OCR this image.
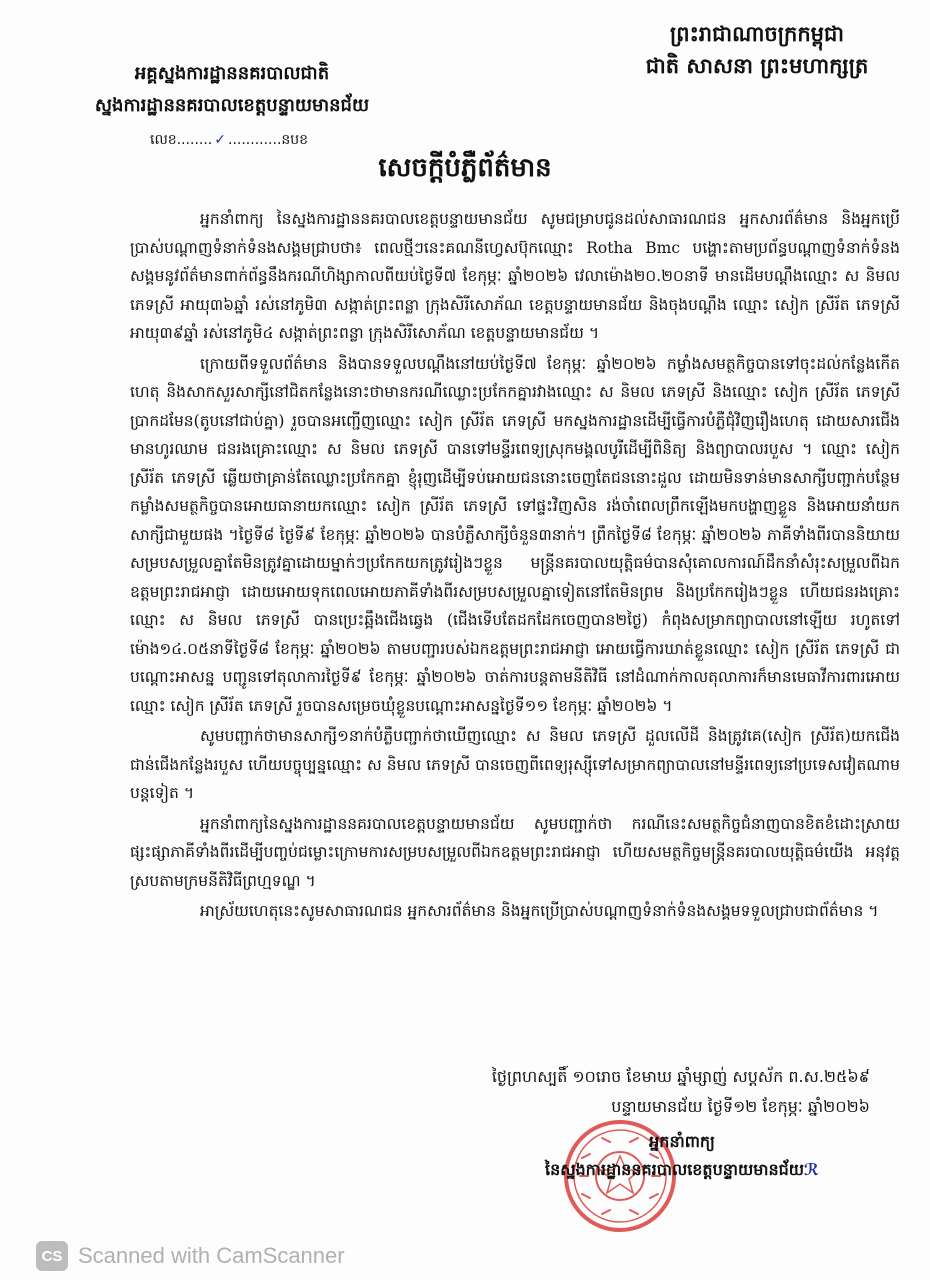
ព្រះរាជាណាចក្រកម្ពុជា
ជាតិ សាសនា ព្រះមហាក្សត្រ
អគ្គស្នងការដ្ឋាននគរបាលជាតិ
ស្នងការដ្ឋាននគរបាលខេត្តបន្ទាយមានជ័យ
លេខ........ ✓ ............នបខ
សេចក្តីបំភ្លឺព័ត៌មាន

អ្នកនាំពាក្យ នៃស្នងការដ្ឋាននគរបាលខេត្តបន្ទាយមានជ័យ សូមជម្រាបជូនដល់សាធារណជន អ្នកសារព័ត៌មាន និងអ្នកប្រើប្រាស់បណ្តាញទំនាក់ទំនងសង្គមជ្រាបថា៖ ពេលថ្មីៗនេះគណនីហ្វេសប៊ុកឈ្មោះ Rotha Bmc បង្ហោះតាមប្រព័ន្ធបណ្តាញទំនាក់ទំនងសង្គមនូវព័ត៌មានពាក់ព័ន្ធនឹងករណីហិង្សាកាលពីយប់ថ្ងៃទី៧ ខែកុម្ភៈ ឆ្នាំ២០២៦ វេលាម៉ោង២០.២០នាទី មានដើមបណ្តឹងឈ្មោះ ស និមល ភេទស្រី អាយុ៣៦ឆ្នាំ រស់នៅភូមិ៣ សង្កាត់ព្រះពន្លា ក្រុងសិរីសោភ័ណ ខេត្តបន្ទាយមានជ័យ និងចុងបណ្តឹង ឈ្មោះ សៀក ស្រីរ័ត ភេទស្រី អាយុ៣៩ឆ្នាំ រស់នៅភូមិ៤ សង្កាត់ព្រះពន្លា ក្រុងសិរីសោភ័ណ ខេត្តបន្ទាយមានជ័យ ។

ក្រោយពីទទួលព័ត៌មាន និងបានទទួលបណ្តឹងនៅយប់ថ្ងៃទី៧ ខែកុម្ភៈ ឆ្នាំ២០២៦ កម្លាំងសមត្ថកិច្ចបានទៅចុះដល់កន្លែងកើតហេតុ និងសាកសួរសាក្សីនៅជិតកន្លែងនោះថាមានករណីឈ្លោះប្រកែកគ្នារវាងឈ្មោះ ស និមល ភេទស្រី និងឈ្មោះ សៀក ស្រីរ័ត ភេទស្រី ប្រាកដមែន(តូបនៅជាប់គ្នា) រួចបានអញ្ជើញឈ្មោះ សៀក ស្រីរ័ត ភេទស្រី មកស្នងការដ្ឋានដើម្បីធ្វើការបំភ្លឺជុំវិញរឿងហេតុ ដោយសារជើងមានហូរឈាម ជនរងគ្រោះឈ្មោះ ស និមល ភេទស្រី បានទៅមន្ទីរពេទ្យស្រុកមង្គលបូរីដើម្បីពិនិត្យ និងព្យាបាលរបួស ។ ឈ្មោះ សៀក ស្រីរ័ត ភេទស្រី ឆ្លើយថាគ្រាន់តែឈ្លោះប្រកែកគ្នា ខ្ញុំរុញដើម្បីទប់អោយជននោះចេញតែជននោះដួល ដោយមិនទាន់មានសាក្សីបញ្ជាក់បន្ថែម កម្លាំងសមត្ថកិច្ចបានអោយធានាយកឈ្មោះ សៀក ស្រីរ័ត ភេទស្រី ទៅផ្ទះវិញសិន រង់ចាំពេលព្រឹកឡើងមកបង្ហាញខ្លួន និងអោយនាំយកសាក្សីជាមួយផង ។ថ្ងៃទី៨ ថ្ងៃទី៩ ខែកុម្ភៈ ឆ្នាំ២០២៦ បានបំភ្លឺសាក្សីចំនួន៣នាក់។ ព្រឹកថ្ងៃទី៨ ខែកុម្ភៈ ឆ្នាំ២០២៦ ភាគីទាំងពីរបាននិយាយសម្របសម្រួលគ្នាតែមិនត្រូវគ្នាដោយម្នាក់ៗប្រកែកយកត្រូវរៀងៗខ្លួន មន្ត្រីនគរបាលយុត្តិធម៌បានសុំគោលការណ៍ដឹកនាំសំរុះសម្រួលពីឯកឧត្តមព្រះរាជអាជ្ញា ដោយអោយទុកពេលអោយភាគីទាំងពីរសម្របសម្រួលគ្នាទៀតនៅតែមិនព្រម និងប្រកែករៀងៗខ្លួន ហើយជនរងគ្រោះឈ្មោះ ស និមល ភេទស្រី បានប្រេះឆ្អឹងជើងឆ្វេង (ជើងទើបតែដកដែកចេញបាន២ថ្ងៃ) កំពុងសម្រាកព្យាបាលនៅឡើយ រហូតទៅម៉ោង១៤.០៥នាទីថ្ងៃទី៨ ខែកុម្ភៈ ឆ្នាំ២០២៦ តាមបញ្ជារបស់ឯកឧត្តមព្រះរាជអាជ្ញា អោយធ្វើការឃាត់ខ្លួនឈ្មោះ សៀក ស្រីរ័ត ភេទស្រី ជាបណ្តោះអាសន្ន បញ្ជូនទៅតុលាការថ្ងៃទី៩ ខែកុម្ភៈ ឆ្នាំ២០២៦ ចាត់ការបន្តតាមនីតិវិធី នៅដំណាក់កាលតុលាការក៏មានមេធាវីការពារអោយឈ្មោះ សៀក ស្រីរ័ត ភេទស្រី រួចបានសម្រេចឃុំខ្លួនបណ្តោះអាសន្នថ្ងៃទី១១ ខែកុម្ភៈ ឆ្នាំ២០២៦ ។

សូមបញ្ជាក់ថាមានសាក្សី១នាក់បំភ្លឺបញ្ជាក់ថាឃើញឈ្មោះ ស និមល ភេទស្រី ដួលលើដី និងត្រូវគេ(សៀក ស្រីរ័ត)យកជើងជាន់ជើងកន្លែងរបួស ហើយបច្ចុប្បន្នឈ្មោះ ស និមល ភេទស្រី បានចេញពីពេទ្យរុស្ស៊ីទៅសម្រាកព្យាបាលនៅមន្ទីរពេទ្យនៅប្រទេសវៀតណាមបន្តទៀត ។

អ្នកនាំពាក្យនៃស្នងការដ្ឋាននគរបាលខេត្តបន្ទាយមានជ័យ សូមបញ្ជាក់ថា ករណីនេះសមត្ថកិច្ចជំនាញបានខិតខំដោះស្រាយផ្សះផ្សាភាគីទាំងពីរដើម្បីបញ្ចប់ជម្លោះក្រោមការសម្របសម្រួលពីឯកឧត្តមព្រះរាជអាជ្ញា ហើយសមត្ថកិច្ចមន្ត្រីនគរបាលយុត្តិធម៌យើង អនុវត្តស្របតាមក្រមនីតិវិធីព្រហ្មទណ្ឌ ។

អាស្រ័យហេតុនេះសូមសាធារណជន អ្នកសារព័ត៌មាន និងអ្នកប្រើប្រាស់បណ្តាញទំនាក់ទំនងសង្គមទទួលជ្រាបជាព័ត៌មាន ។

ថ្ងៃព្រហស្បតិ៍ ១០រោច ខែមាឃ ឆ្នាំម្សាញ់ សប្តស័ក ព.ស.២៥៦៩
បន្ទាយមានជ័យ ថ្ងៃទី១២ ខែកុម្ភៈ ឆ្នាំ២០២៦
អ្នកនាំពាក្យ
នៃស្នងការដ្ឋាននគរបាលខេត្តបន្ទាយមានជ័យℛ
CS Scanned with CamScanner
